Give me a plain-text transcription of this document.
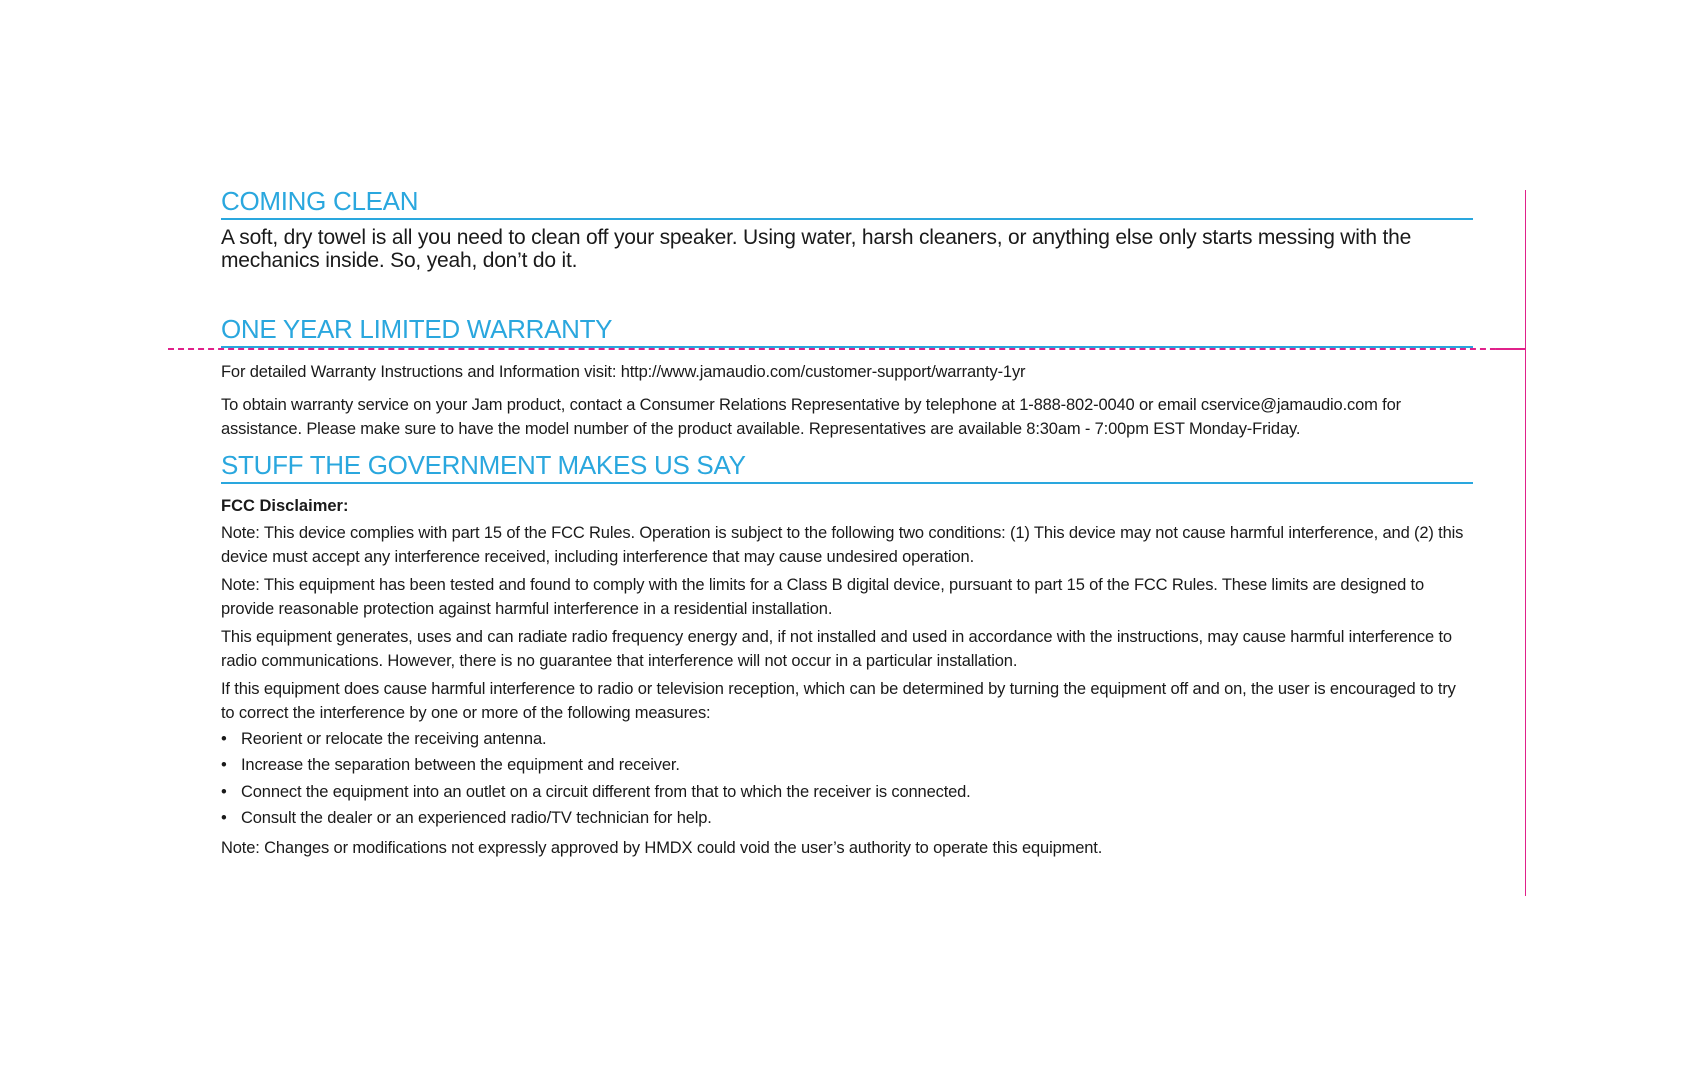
COMING CLEAN

A soft, dry towel is all you need to clean off your speaker. Using water, harsh cleaners, or anything else only starts messing with the mechanics inside. So, yeah, don’t do it.

ONE YEAR LIMITED WARRANTY

For detailed Warranty Instructions and Information visit: http://www.jamaudio.com/customer-support/warranty-1yr

To obtain warranty service on your Jam product, contact a Consumer Relations Representative by telephone at 1-888-802-0040 or email cservice@jamaudio.com for assistance. Please make sure to have the model number of the product available. Representatives are available 8:30am - 7:00pm EST Monday-Friday.

STUFF THE GOVERNMENT MAKES US SAY

FCC Disclaimer:

Note: This device complies with part 15 of the FCC Rules. Operation is subject to the following two conditions: (1) This device may not cause harmful interference, and (2) this device must accept any interference received, including interference that may cause undesired operation.

Note: This equipment has been tested and found to comply with the limits for a Class B digital device, pursuant to part 15 of the FCC Rules. These limits are designed to provide reasonable protection against harmful interference in a residential installation.

This equipment generates, uses and can radiate radio frequency energy and, if not installed and used in accordance with the instructions, may cause harmful interference to radio communications. However, there is no guarantee that interference will not occur in a particular installation.

If this equipment does cause harmful interference to radio or television reception, which can be determined by turning the equipment off and on, the user is encouraged to try to correct the interference by one or more of the following measures:

• Reorient or relocate the receiving antenna.
• Increase the separation between the equipment and receiver.
• Connect the equipment into an outlet on a circuit different from that to which the receiver is connected.
• Consult the dealer or an experienced radio/TV technician for help.

Note: Changes or modifications not expressly approved by HMDX could void the user’s authority to operate this equipment.
